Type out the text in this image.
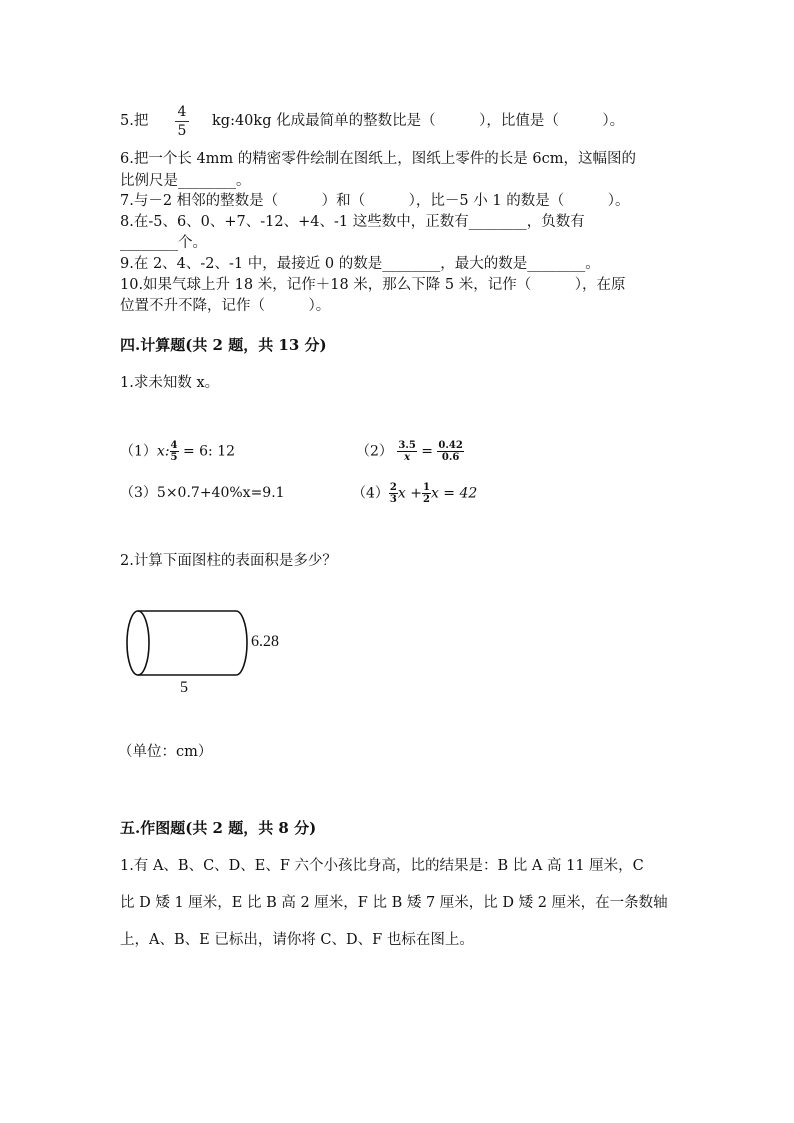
5.把
4
5
kg:40kg 化成最简单的整数比是（　　　），比值是（　　　）。
6.把一个长 4mm 的精密零件绘制在图纸上，图纸上零件的长是 6cm，这幅图的
比例尺是________。
7.与－2 相邻的整数是（　　　）和（　　　），比－5 小 1 的数是（　　　）。
8.在-5、6、0、+7、-12、+4、-1 这些数中，正数有________，负数有
________个。
9.在 2、4、-2、-1 中，最接近 0 的数是________，最大的数是________。
10.如果气球上升 18 米，记作＋18 米，那么下降 5 米，记作（　　　），在原
位置不升不降，记作（　　　）。
四.计算题(共 2 题，共 13 分)
1.求未知数 x。
（1）x: $\frac{4}{5} = 6$: 12	$(2) \frac{3.5}{x} = \frac{0.42}{0.6}$
（3）5×0.7+40%x=9.1	$(4) \frac{2}{3}$ $x + \frac{1}{2}$ x = 42
2.计算下面图柱的表面积是多少？
6.28
5
（单位：cm）
五.作图题(共 2 题，共 8 分)
1.有 A、B、C、D、E、F 六个小孩比身高，比的结果是：B 比 A 高 11 厘米，C
比 D 矮 1 厘米，E 比 B 高 2 厘米，F 比 B 矮 7 厘米，比 D 矮 2 厘米，在一条数轴
上，A、B、E 已标出，请你将 C、D、F 也标在图上。
